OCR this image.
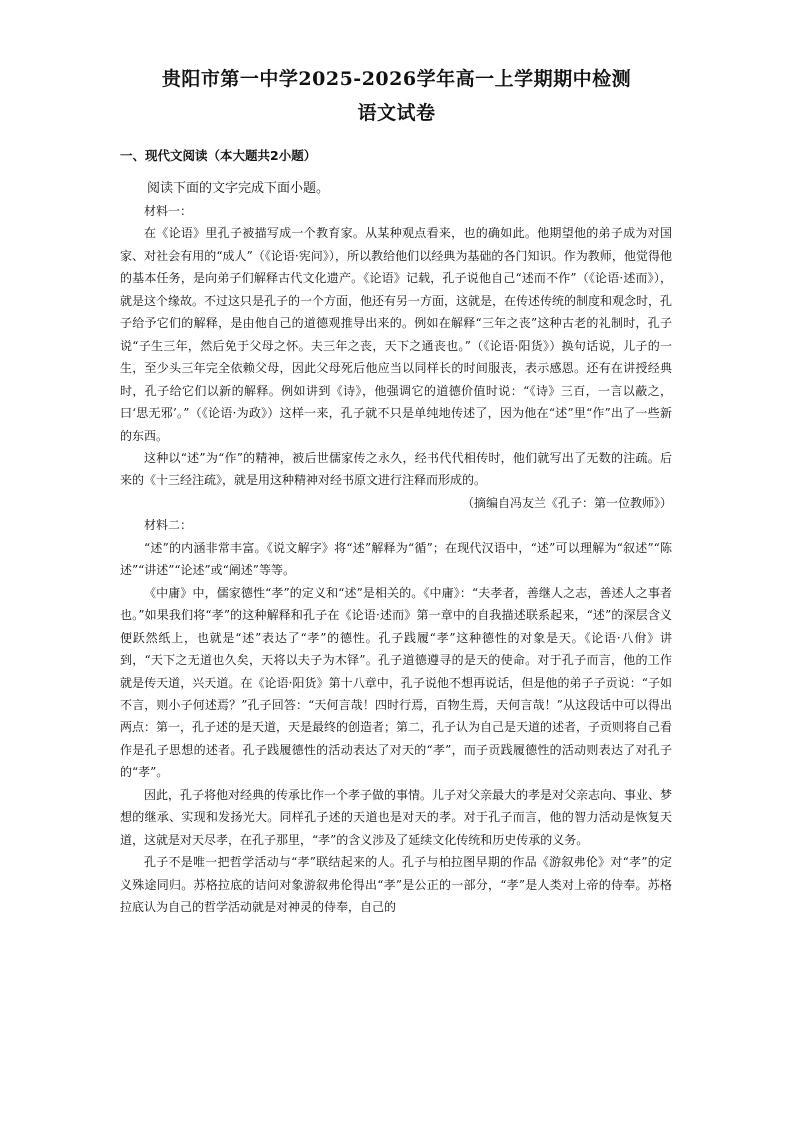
贵阳市第一中学2025-2026学年高一上学期期中检测
语文试卷
一、现代文阅读（本大题共2小题）
阅读下面的文字完成下面小题。

材料一：

在《论语》里孔子被描写成一个教育家。从某种观点看来，也的确如此。他期望他的弟子成为对国家、对社会有用的“成人”（《论语·宪问》），所以教给他们以经典为基础的各门知识。作为教师，他觉得他的基本任务，是向弟子们解释古代文化遗产。《论语》记载，孔子说他自己“述而不作”（《论语·述而》），就是这个缘故。不过这只是孔子的一个方面，他还有另一方面，这就是，在传述传统的制度和观念时，孔子给予它们的解释，是由他自己的道德观推导出来的。例如在解释“三年之丧”这种古老的礼制时，孔子说“子生三年，然后免于父母之怀。夫三年之丧，天下之通丧也。”（《论语·阳货》）换句话说，儿子的一生，至少头三年完全依赖父母，因此父母死后他应当以同样长的时间服丧，表示感恩。还有在讲授经典时，孔子给它们以新的解释。例如讲到《诗》，他强调它的道德价值时说：“《诗》三百，一言以蔽之，曰‘思无邪’。”（《论语·为政》）这样一来，孔子就不只是单纯地传述了，因为他在“述”里“作”出了一些新的东西。

这种以“述”为“作”的精神，被后世儒家传之永久，经书代代相传时，他们就写出了无数的注疏。后来的《十三经注疏》，就是用这种精神对经书原文进行注释而形成的。

（摘编自冯友兰《孔子：第一位教师》）

材料二：

“述”的内涵非常丰富。《说文解字》将“述”解释为“循”；在现代汉语中，“述”可以理解为“叙述”“陈述”“讲述”“论述”或“阐述”等等。

《中庸》中，儒家德性“孝”的定义和“述”是相关的。《中庸》：“夫孝者，善继人之志，善述人之事者也。”如果我们将“孝”的这种解释和孔子在《论语·述而》第一章中的自我描述联系起来，“述”的深层含义便跃然纸上，也就是“述”表达了“孝”的德性。孔子践履“孝”这种德性的对象是天。《论语·八佾》讲到，“天下之无道也久矣，天将以夫子为木铎”。孔子道德遵寻的是天的使命。对于孔子而言，他的工作就是传天道，兴天道。在《论语·阳货》第十八章中，孔子说他不想再说话，但是他的弟子子贡说：“子如不言，则小子何述焉？”孔子回答：“天何言哉！四时行焉，百物生焉，天何言哉！”从这段话中可以得出两点：第一，孔子述的是天道，天是最终的创造者；第二，孔子认为自己是天道的述者，子贡则将自己看作是孔子思想的述者。孔子践履德性的活动表达了对天的“孝”，而子贡践履德性的活动则表达了对孔子的“孝”。

因此，孔子将他对经典的传承比作一个孝子做的事情。儿子对父亲最大的孝是对父亲志向、事业、梦想的继承、实现和发扬光大。同样孔子述的天道也是对天的孝。对于孔子而言，他的智力活动是恢复天道，这就是对天尽孝，在孔子那里，“孝”的含义涉及了延续文化传统和历史传承的义务。

孔子不是唯一把哲学活动与“孝”联结起来的人。孔子与柏拉图早期的作品《游叙弗伦》对“孝”的定义殊途同归。苏格拉底的诘问对象游叙弗伦得出“孝”是公正的一部分，“孝”是人类对上帝的侍奉。苏格拉底认为自己的哲学活动就是对神灵的侍奉，自己的
